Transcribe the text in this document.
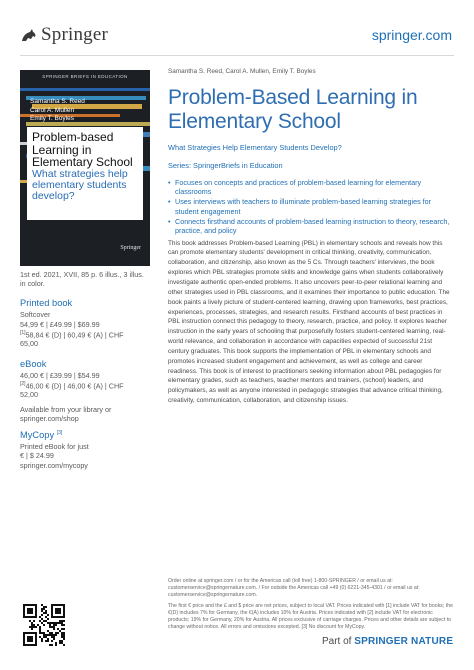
Springer	springer.com
SPRINGER BRIEFS IN EDUCATION
Samantha S. Reed
Carol A. Mullen
Emily T. Boyles
Problem-based
Learning in
Elementary School
What strategies help
elementary students
develop?
Springer
1st ed. 2021, XVII, 85 p. 6 illus., 3 illus. in color.
Printed book
Softcover
54,99 € | £49.99 | $69.99
[1]58,84 € (D) | 60,49 € (A) | CHF
65,00
eBook
46,00 € | £39.99 | $54.99
[2]46,00 € (D) | 46,00 € (A) | CHF
52,00
Available from your library or
springer.com/shop
MyCopy [3]
Printed eBook for just
€ | $ 24.99
springer.com/mycopy
Samantha S. Reed, Carol A. Mullen, Emily T. Boyles
Problem-Based Learning in Elementary School
What Strategies Help Elementary Students Develop?
Series: SpringerBriefs in Education
• Focuses on concepts and practices of problem-based learning for elementary classrooms
• Uses interviews with teachers to illuminate problem-based learning strategies for student engagement
• Connects firsthand accounts of problem-based learning instruction to theory, research, practice, and policy
This book addresses Problem-based Learning (PBL) in elementary schools and reveals how this can promote elementary students' development in critical thinking, creativity, communication, collaboration, and citizenship, also known as the 5 Cs. Through teachers' interviews, the book explores which PBL strategies promote skills and knowledge gains when students collaboratively investigate authentic open-ended problems. It also uncovers peer-to-peer relational learning and other strategies used in PBL classrooms, and it examines their importance to public education. The book paints a lively picture of student-centered learning, drawing upon frameworks, best practices, experiences, processes, strategies, and research results. Firsthand accounts of best practices in PBL instruction connect this pedagogy to theory, research, practice, and policy. It explores teacher instruction in the early years of schooling that purposefully fosters student-centered learning, real-world relevance, and collaboration in accordance with capacities expected of successful 21st century graduates. This book supports the implementation of PBL in elementary schools and promotes increased student engagement and achievement, as well as college and career readiness. This book is of interest to practitioners seeking information about PBL pedagogies for elementary grades, such as teachers, teacher mentors and trainers, (school) leaders, and policymakers, as well as anyone interested in pedagogic strategies that advance critical thinking, creativity, communication, collaboration, and citizenship issues.

Order online at springer.com / or for the Americas call (toll free) 1-800-SPRINGER / or email us at: customerservice@springernature.com. / For outside the Americas call +49 (0) 6221-345-4301 / or email us at: customerservice@springernature.com.

The first € price and the £ and $ price are net prices, subject to local VAT. Prices indicated with [1] include VAT for books; the €(D) includes 7% for Germany, the €(A) includes 10% for Austria. Prices indicated with [2] include VAT for electronic products; 19% for Germany, 20% for Austria. All prices exclusive of carriage charges. Prices and other details are subject to change without notice. All errors and omissions excepted. [3] No discount for MyCopy.

Part of SPRINGER NATURE
